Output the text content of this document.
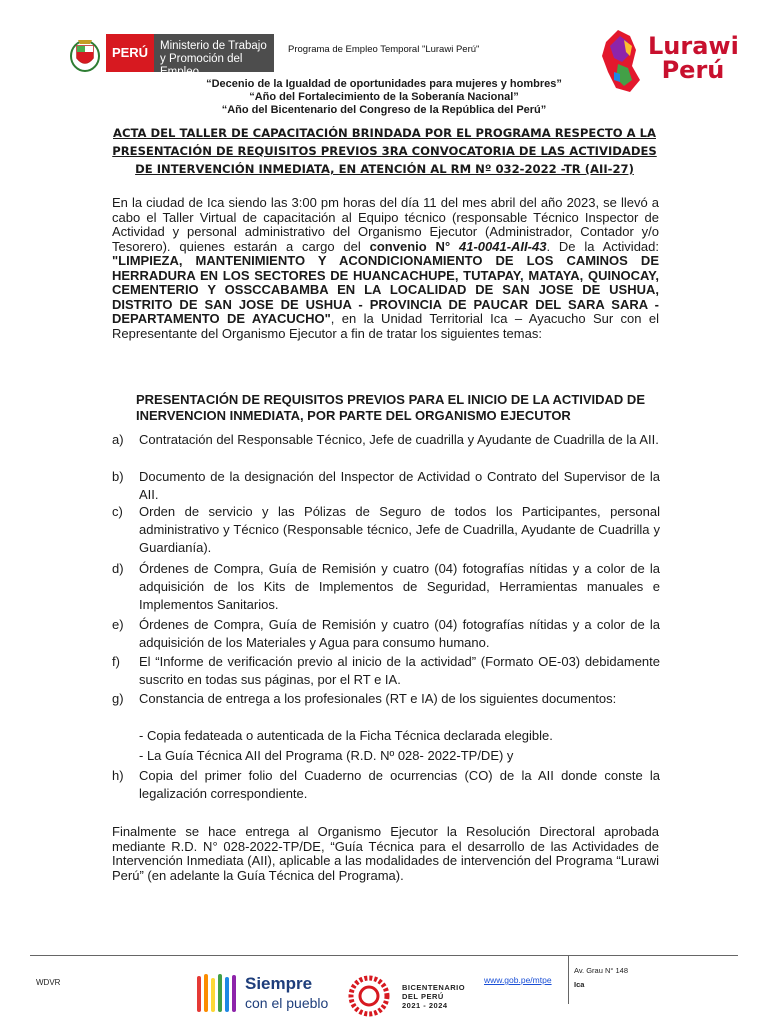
PERÚ	Ministerio de Trabajo
y Promoción del Empleo
Programa de Empleo Temporal "Lurawi Perú"	Lurawi
Perú
“Decenio de la Igualdad de oportunidades para mujeres y hombres”
“Año del Fortalecimiento de la Soberanía Nacional”
“Año del Bicentenario del Congreso de la República del Perú”
ACTA DEL TALLER DE CAPACITACIÓN BRINDADA POR EL PROGRAMA RESPECTO A LA PRESENTACIÓN DE REQUISITOS PREVIOS 3RA CONVOCATORIA DE LAS ACTIVIDADES DE INTERVENCIÓN INMEDIATA, EN ATENCIÓN AL RM Nº 032-2022 -TR (AII-27)
En la ciudad de Ica siendo las 3:00 pm horas del día 11 del mes abril del año 2023, se llevó a cabo el Taller Virtual de capacitación al Equipo técnico (responsable Técnico Inspector de Actividad y personal administrativo del Organismo Ejecutor (Administrador, Contador y/o Tesorero). quienes estarán a cargo del convenio N° 41-0041-AII-43. De la Actividad: "LIMPIEZA, MANTENIMIENTO Y ACONDICIONAMIENTO DE LOS CAMINOS DE HERRADURA EN LOS SECTORES DE HUANCACHUPE, TUTAPAY, MATAYA, QUINOCAY, CEMENTERIO Y OSSCCABAMBA EN LA LOCALIDAD DE SAN JOSE DE USHUA, DISTRITO DE SAN JOSE DE USHUA - PROVINCIA DE PAUCAR DEL SARA SARA - DEPARTAMENTO DE AYACUCHO", en la Unidad Territorial Ica – Ayacucho Sur con el Representante del Organismo Ejecutor a fin de tratar los siguientes temas:
PRESENTACIÓN DE REQUISITOS PREVIOS PARA EL INICIO DE LA ACTIVIDAD DE INERVENCION INMEDIATA, POR PARTE DEL ORGANISMO EJECUTOR
a) Contratación del Responsable Técnico, Jefe de cuadrilla y Ayudante de Cuadrilla de la AII.
b) Documento de la designación del Inspector de Actividad o Contrato del Supervisor de la AII.
c) Orden de servicio y las Pólizas de Seguro de todos los Participantes, personal administrativo y Técnico (Responsable técnico, Jefe de Cuadrilla, Ayudante de Cuadrilla y Guardianía).
d) Órdenes de Compra, Guía de Remisión y cuatro (04) fotografías nítidas y a color de la adquisición de los Kits de Implementos de Seguridad, Herramientas manuales e Implementos Sanitarios.
e) Órdenes de Compra, Guía de Remisión y cuatro (04) fotografías nítidas y a color de la adquisición de los Materiales y Agua para consumo humano.
f) El “Informe de verificación previo al inicio de la actividad” (Formato OE-03) debidamente suscrito en todas sus páginas, por el RT e IA.
g) Constancia de entrega a los profesionales (RT e IA) de los siguientes documentos:
- Copia fedateada o autenticada de la Ficha Técnica declarada elegible.
- La Guía Técnica AII del Programa (R.D. Nº 028- 2022-TP/DE) y
h) Copia del primer folio del Cuaderno de ocurrencias (CO) de la AII donde conste la legalización correspondiente.
Finalmente se hace entrega al Organismo Ejecutor la Resolución Directoral aprobada mediante R.D. N° 028-2022-TP/DE, “Guía Técnica para el desarrollo de las Actividades de Intervención Inmediata (AII), aplicable a las modalidades de intervención del Programa “Lurawi Perú” (en adelante la Guía Técnica del Programa).
WDVR	Siempre
con el pueblo
BICENTENARIO
DEL PERÚ
2021 - 2024
www.gob.pe/mtpe
Av. Grau N° 148
Ica
